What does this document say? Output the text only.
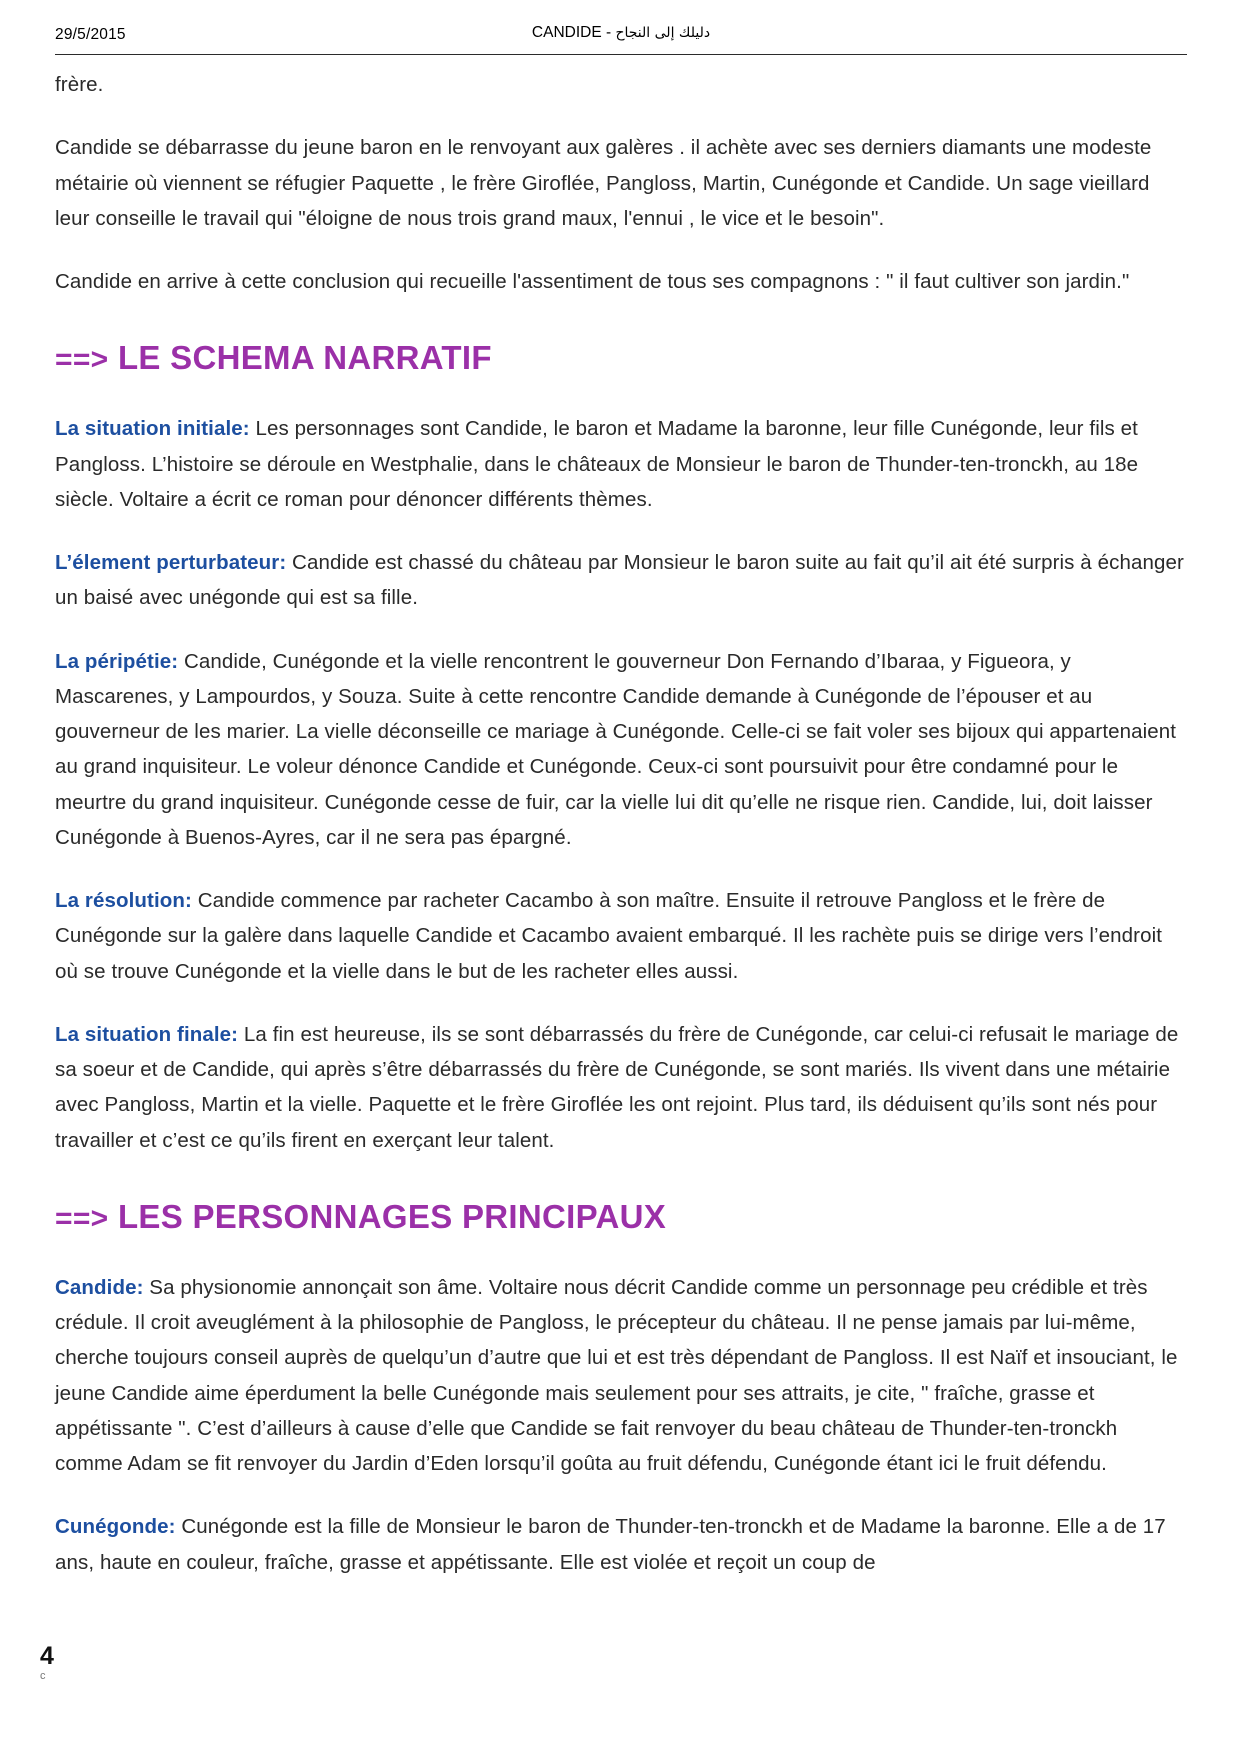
29/5/2015	CANDIDE - دليلك إلى النجاح

frère.

Candide se débarrasse du jeune baron en le renvoyant aux galères . il achète avec ses derniers diamants une modeste métairie où viennent se réfugier Paquette , le frère Giroflée, Pangloss, Martin, Cunégonde et Candide. Un sage vieillard leur conseille le travail qui "éloigne de nous trois grand maux, l'ennui , le vice et le besoin".

Candide en arrive à cette conclusion qui recueille l'assentiment de tous ses compagnons : " il faut cultiver son jardin."

==> LE SCHEMA NARRATIF

La situation initiale: Les personnages sont Candide, le baron et Madame la baronne, leur fille Cunégonde, leur fils et Pangloss. L’histoire se déroule en Westphalie, dans le châteaux de Monsieur le baron de Thunder-ten-tronckh, au 18e siècle. Voltaire a écrit ce roman pour dénoncer différents thèmes.

L’élement perturbateur: Candide est chassé du château par Monsieur le baron suite au fait qu’il ait été surpris à échanger un baisé avec unégonde qui est sa fille.

La péripétie: Candide, Cunégonde et la vielle rencontrent le gouverneur Don Fernando d’Ibaraa, y Figueora, y Mascarenes, y Lampourdos, y Souza. Suite à cette rencontre Candide demande à Cunégonde de l’épouser et au gouverneur de les marier. La vielle déconseille ce mariage à Cunégonde. Celle-ci se fait voler ses bijoux qui appartenaient au grand inquisiteur. Le voleur dénonce Candide et Cunégonde. Ceux-ci sont poursuivit pour être condamné pour le meurtre du grand inquisiteur. Cunégonde cesse de fuir, car la vielle lui dit qu’elle ne risque rien. Candide, lui, doit laisser Cunégonde à Buenos-Ayres, car il ne sera pas épargné.

La résolution: Candide commence par racheter Cacambo à son maître. Ensuite il retrouve Pangloss et le frère de Cunégonde sur la galère dans laquelle Candide et Cacambo avaient embarqué. Il les rachète puis se dirige vers l’endroit où se trouve Cunégonde et la vielle dans le but de les racheter elles aussi.

La situation finale: La fin est heureuse, ils se sont débarrassés du frère de Cunégonde, car celui-ci refusait le mariage de sa soeur et de Candide, qui après s’être débarrassés du frère de Cunégonde, se sont mariés. Ils vivent dans une métairie avec Pangloss, Martin et la vielle. Paquette et le frère Giroflée les ont rejoint. Plus tard, ils déduisent qu’ils sont nés pour travailler et c’est ce qu’ils firent en exerçant leur talent.

==> LES PERSONNAGES PRINCIPAUX

Candide: Sa physionomie annonçait son âme. Voltaire nous décrit Candide comme un personnage peu crédible et très crédule. Il croit aveuglément à la philosophie de Pangloss, le précepteur du château. Il ne pense jamais par lui-même, cherche toujours conseil auprès de quelqu’un d’autre que lui et est très dépendant de Pangloss. Il est Naïf et insouciant, le jeune Candide aime éperdument la belle Cunégonde mais seulement pour ses attraits, je cite, " fraîche, grasse et appétissante ". C’est d’ailleurs à cause d’elle que Candide se fait renvoyer du beau château de Thunder-ten-tronckh comme Adam se fit renvoyer du Jardin d’Eden lorsqu’il goûta au fruit défendu, Cunégonde étant ici le fruit défendu.

Cunégonde: Cunégonde est la fille de Monsieur le baron de Thunder-ten-tronckh et de Madame la baronne. Elle a de 17 ans, haute en couleur, fraîche, grasse et appétissante. Elle est violée et reçoit un coup de

4
c
